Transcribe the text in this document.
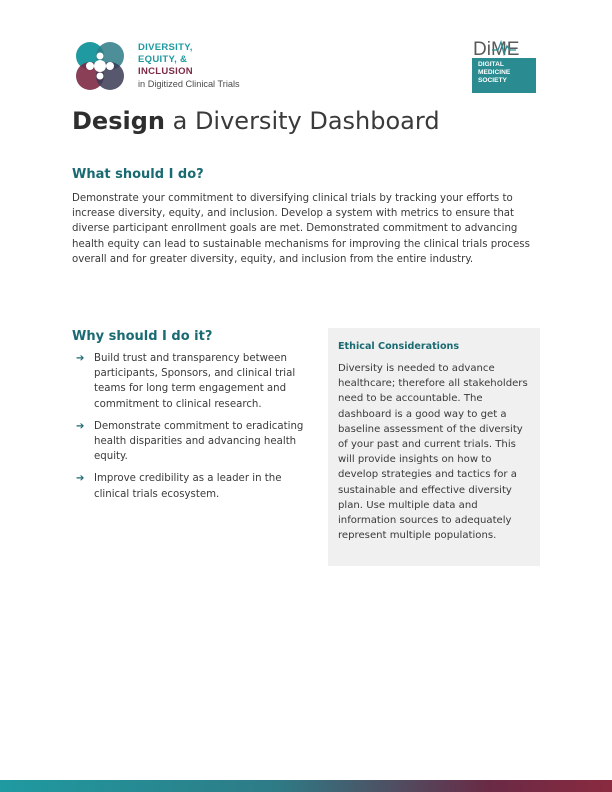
DIVERSITY,
EQUITY, &
INCLUSION
in Digitized Clinical Trials
DiME
DIGITAL
MEDICINE
SOCIETY
Design a Diversity Dashboard
What should I do?

Demonstrate your commitment to diversifying clinical trials by tracking your efforts to increase diversity, equity, and inclusion. Develop a system with metrics to ensure that diverse participant enrollment goals are met. Demonstrated commitment to advancing health equity can lead to sustainable mechanisms for improving the clinical trials process overall and for greater diversity, equity, and inclusion from the entire industry.

Why should I do it?
➔ Build trust and transparency between participants, Sponsors, and clinical trial teams for long term engagement and commitment to clinical research.
➔ Demonstrate commitment to eradicating health disparities and advancing health equity.
➔ Improve credibility as a leader in the clinical trials ecosystem.
Ethical Considerations

Diversity is needed to advance healthcare; therefore all stakeholders need to be accountable. The dashboard is a good way to get a baseline assessment of the diversity of your past and current trials. This will provide insights on how to develop strategies and tactics for a sustainable and effective diversity plan. Use multiple data and information sources to adequately represent multiple populations.
